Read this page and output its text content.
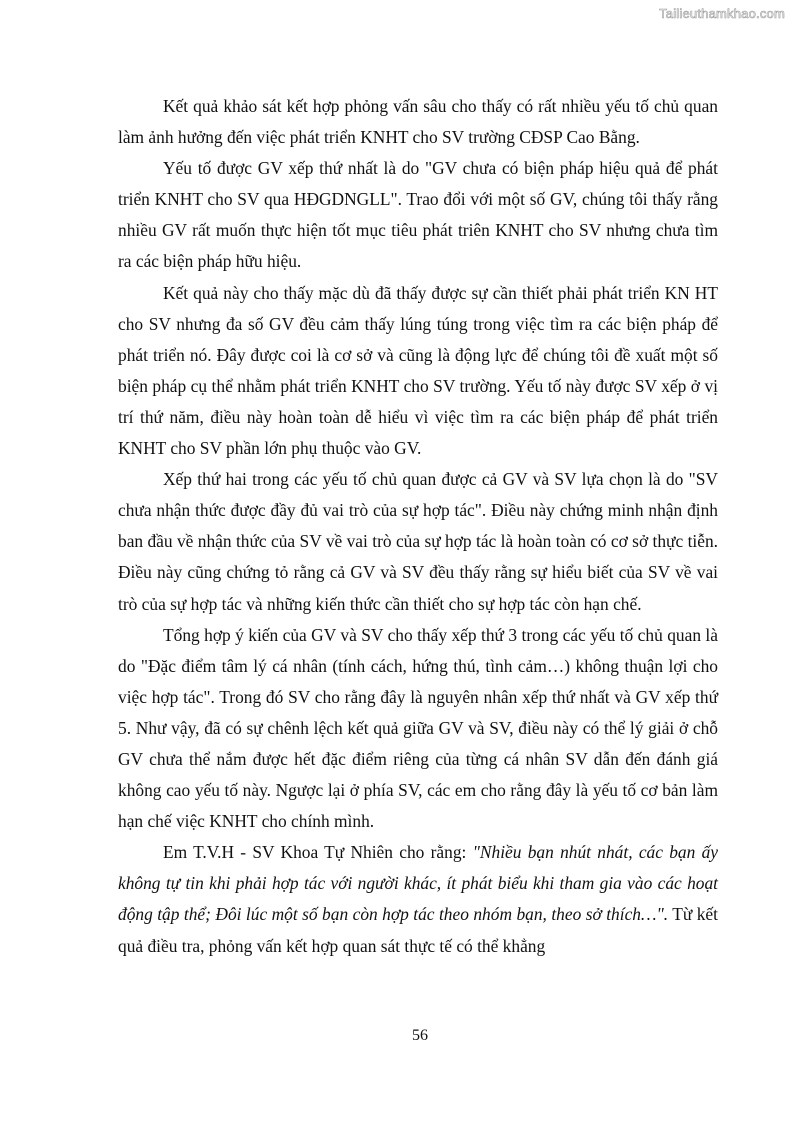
Tailieuthamkhao.com

Kết quả khảo sát kết hợp phỏng vấn sâu cho thấy có rất nhiều yếu tố chủ quan làm ảnh hưởng đến việc phát triển KNHT cho SV trường CĐSP Cao Bằng.

Yếu tố được GV xếp thứ nhất là do "GV chưa có biện pháp hiệu quả để phát triển KNHT cho SV qua HĐGDNGLL". Trao đổi với một số GV, chúng tôi thấy rằng nhiều GV rất muốn thực hiện tốt mục tiêu phát triên KNHT cho SV nhưng chưa tìm ra các biện pháp hữu hiệu.

Kết quả này cho thấy mặc dù đã thấy được sự cần thiết phải phát triển KN HT cho SV nhưng đa số GV đều cảm thấy lúng túng trong việc tìm ra các biện pháp để phát triển nó. Đây được coi là cơ sở và cũng là động lực để chúng tôi đề xuất một số biện pháp cụ thể nhằm phát triển KNHT cho SV trường. Yếu tố này được SV xếp ở vị trí thứ năm, điều này hoàn toàn dễ hiểu vì việc tìm ra các biện pháp để phát triển KNHT cho SV phần lớn phụ thuộc vào GV.

Xếp thứ hai trong các yếu tố chủ quan được cả GV và SV lựa chọn là do "SV chưa nhận thức được đầy đủ vai trò của sự hợp tác". Điều này chứng minh nhận định ban đầu về nhận thức của SV về vai trò của sự hợp tác là hoàn toàn có cơ sở thực tiễn. Điều này cũng chứng tỏ rằng cả GV và SV đều thấy rằng sự hiểu biết của SV về vai trò của sự hợp tác và những kiến thức cần thiết cho sự hợp tác còn hạn chế.

Tổng hợp ý kiến của GV và SV cho thấy xếp thứ 3 trong các yếu tố chủ quan là do "Đặc điểm tâm lý cá nhân (tính cách, hứng thú, tình cảm…) không thuận lợi cho việc hợp tác". Trong đó SV cho rằng đây là nguyên nhân xếp thứ nhất và GV xếp thứ 5. Như vậy, đã có sự chênh lệch kết quả giữa GV và SV, điều này có thể lý giải ở chỗ GV chưa thể nắm được hết đặc điểm riêng của từng cá nhân SV dẫn đến đánh giá không cao yếu tố này. Ngược lại ở phía SV, các em cho rằng đây là yếu tố cơ bản làm hạn chế việc KNHT cho chính mình.

Em T.V.H - SV Khoa Tự Nhiên cho rằng: "Nhiều bạn nhút nhát, các bạn ấy không tự tin khi phải hợp tác với người khác, ít phát biểu khi tham gia vào các hoạt động tập thể; Đôi lúc một số bạn còn hợp tác theo nhóm bạn, theo sở thích…". Từ kết quả điều tra, phỏng vấn kết hợp quan sát thực tế có thể khẳng

56
